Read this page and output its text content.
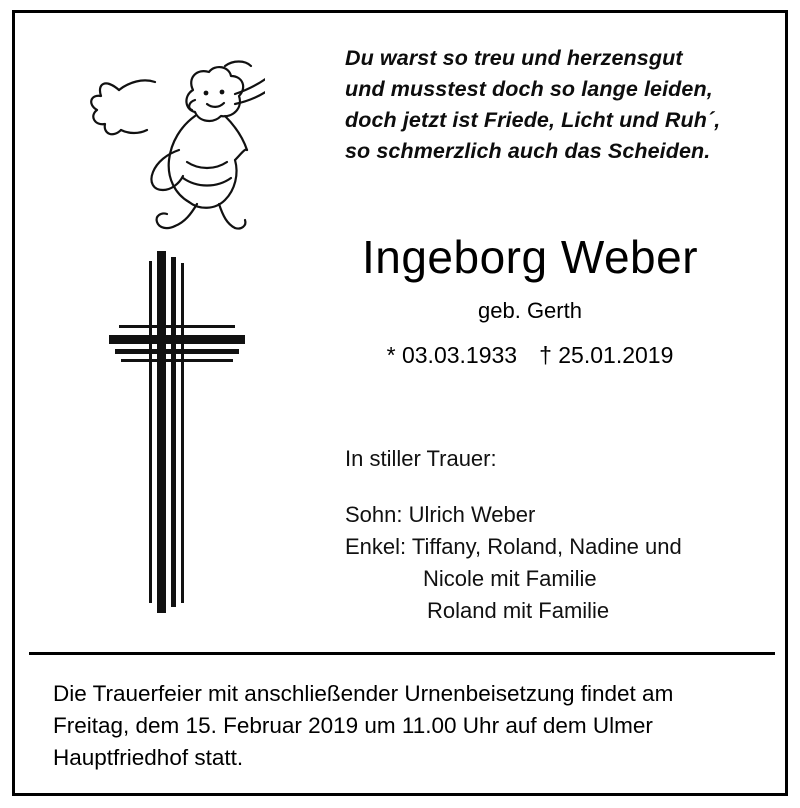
Du warst so treu und herzensgut
und musstest doch so lange leiden,
doch jetzt ist Friede, Licht und Ruh´,
so schmerzlich auch das Scheiden.
Ingeborg Weber
geb. Gerth
* 03.03.1933 † 25.01.2019
In stiller Trauer:
Sohn: Ulrich Weber
Enkel: Tiffany, Roland, Nadine und
Nicole mit Familie
Roland mit Familie
Die Trauerfeier mit anschließender Urnenbeisetzung findet am
Freitag, dem 15. Februar 2019 um 11.00 Uhr auf dem Ulmer
Hauptfriedhof statt.
